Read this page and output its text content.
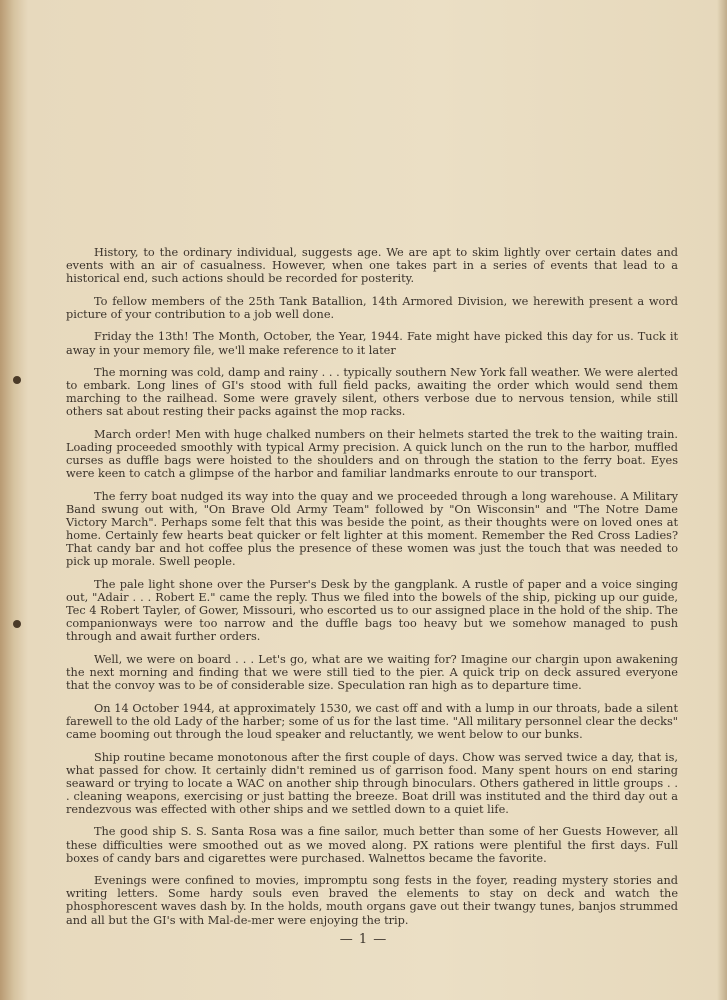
History, to the ordinary individual, suggests age. We are apt to skim lightly over certain dates and events with an air of casualness. However, when one takes part in a series of events that lead to a historical end, such actions should be recorded for posterity.

To fellow members of the 25th Tank Batallion, 14th Armored Division, we herewith present a word picture of your contribution to a job well done.

Friday the 13th! The Month, October, the Year, 1944. Fate might have picked this day for us. Tuck it away in your memory file, we'll make reference to it later

The morning was cold, damp and rainy . . . typically southern New York fall weather. We were alerted to embark. Long lines of GI's stood with full field packs, awaiting the order which would send them marching to the railhead. Some were gravely silent, others verbose due to nervous tension, while still others sat about resting their packs against the mop racks.

March order! Men with huge chalked numbers on their helmets started the trek to the waiting train. Loading proceeded smoothly with typical Army precision. A quick lunch on the run to the harbor, muffled curses as duffle bags were hoisted to the shoulders and on through the station to the ferry boat. Eyes were keen to catch a glimpse of the harbor and familiar landmarks enroute to our transport.

The ferry boat nudged its way into the quay and we proceeded through a long warehouse. A Military Band swung out with, "On Brave Old Army Team" followed by "On Wisconsin" and "The Notre Dame Victory March". Perhaps some felt that this was beside the point, as their thoughts were on loved ones at home. Certainly few hearts beat quicker or felt lighter at this moment. Remember the Red Cross Ladies? That candy bar and hot coffee plus the presence of these women was just the touch that was needed to pick up morale. Swell people.

The pale light shone over the Purser's Desk by the gangplank. A rustle of paper and a voice singing out, "Adair . . . Robert E." came the reply. Thus we filed into the bowels of the ship, picking up our guide, Tec 4 Robert Tayler, of Gower, Missouri, who escorted us to our assigned place in the hold of the ship. The companionways were too narrow and the duffle bags too heavy but we somehow managed to push through and await further orders.

Well, we were on board . . . Let's go, what are we waiting for? Imagine our chargin upon awakening the next morning and finding that we were still tied to the pier. A quick trip on deck assured everyone that the convoy was to be of considerable size. Speculation ran high as to departure time.

On 14 October 1944, at approximately 1530, we cast off and with a lump in our throats, bade a silent farewell to the old Lady of the harber; some of us for the last time. "All military personnel clear the decks" came booming out through the loud speaker and reluctantly, we went below to our bunks.

Ship routine became monotonous after the first couple of days. Chow was served twice a day, that is, what passed for chow. It certainly didn't remined us of garrison food. Many spent hours on end staring seaward or trying to locate a WAC on another ship through binoculars. Others gathered in little groups . . . cleaning weapons, exercising or just batting the breeze. Boat drill was instituted and the third day out a rendezvous was effected with other ships and we settled down to a quiet life.

The good ship S. S. Santa Rosa was a fine sailor, much better than some of her Guests However, all these difficulties were smoothed out as we moved along. PX rations were plentiful the first days. Full boxes of candy bars and cigarettes were purchased. Walnettos became the favorite.

Evenings were confined to movies, impromptu song fests in the foyer, reading mystery stories and writing letters. Some hardy souls even braved the elements to stay on deck and watch the phosphorescent waves dash by. In the holds, mouth organs gave out their twangy tunes, banjos strummed and all but the GI's with Mal-de-mer were enjoying the trip.

— 1 —
